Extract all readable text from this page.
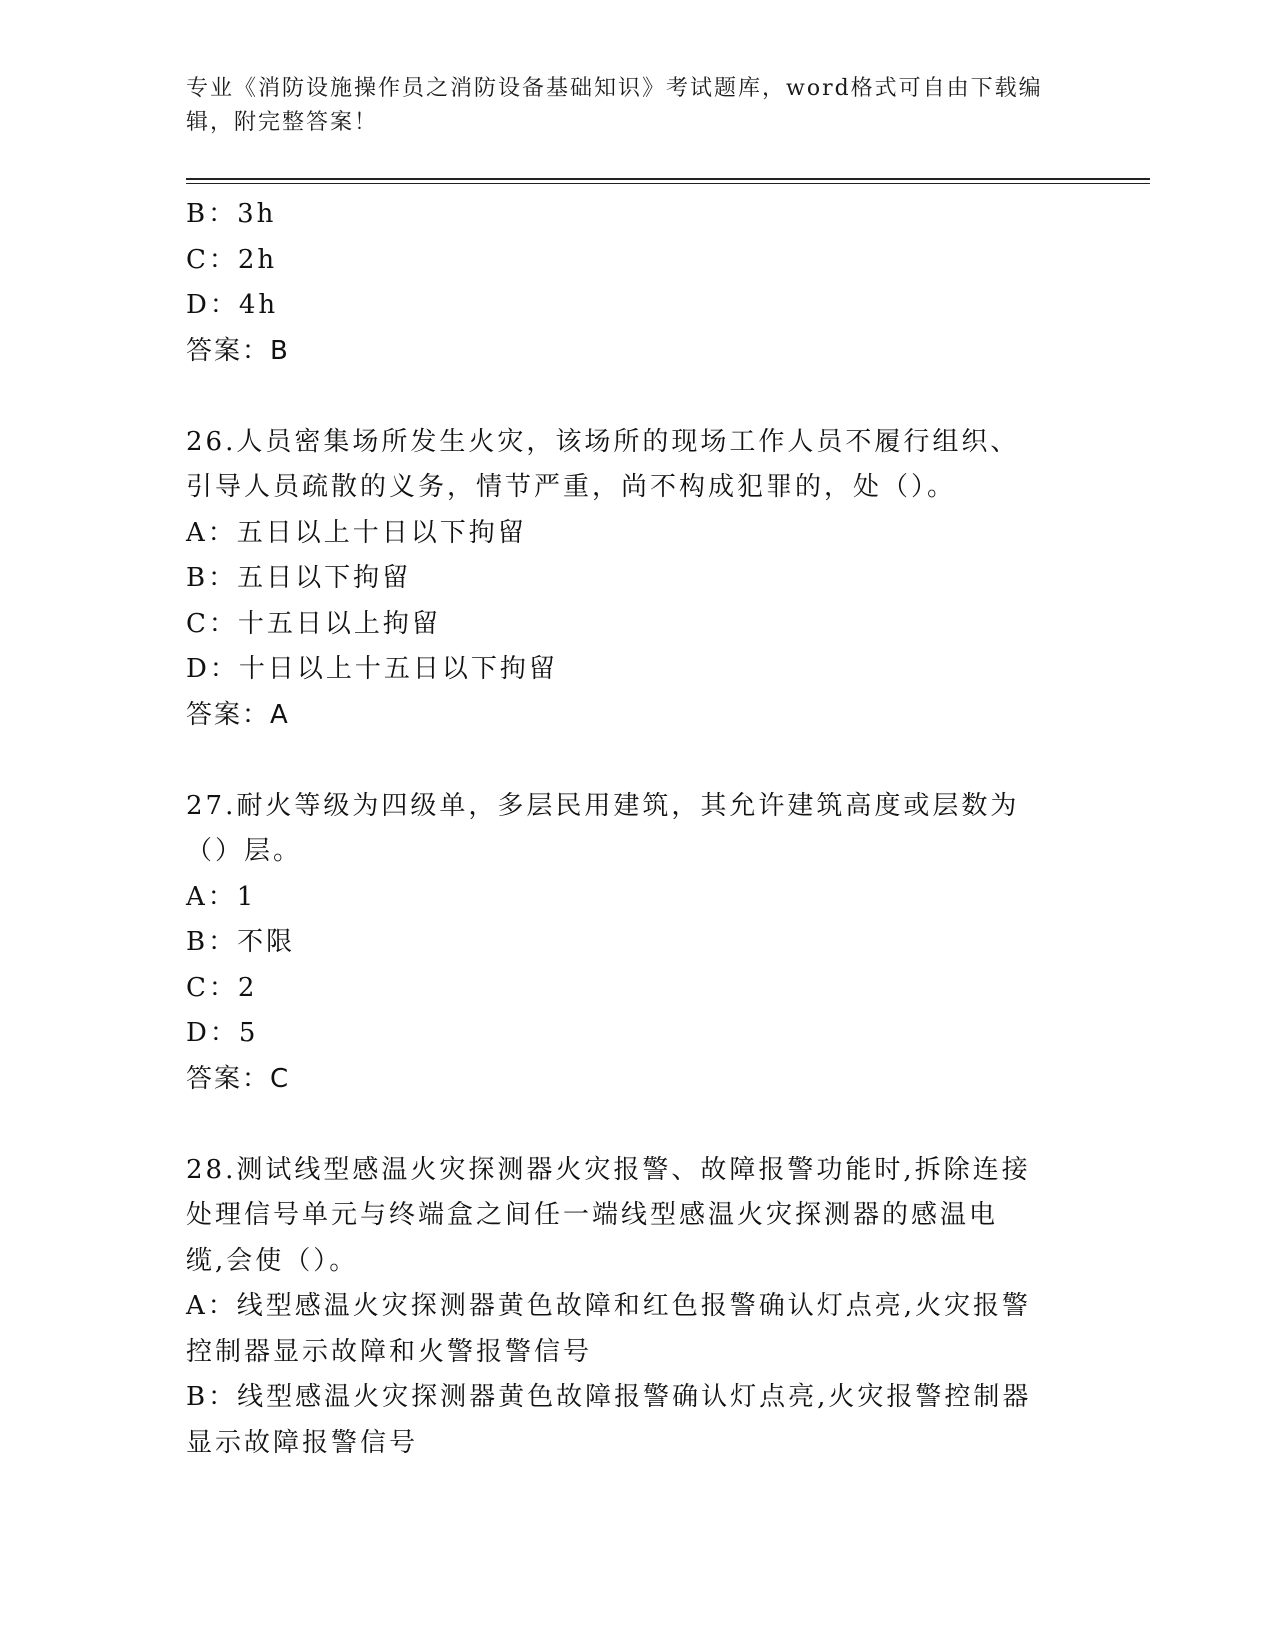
专业《消防设施操作员之消防设备基础知识》考试题库，word格式可自由下载编辑，附完整答案！
B：3h
C：2h
D：4h
答案：B
26.人员密集场所发生火灾，该场所的现场工作人员不履行组织、引导人员疏散的义务，情节严重，尚不构成犯罪的，处（）。
A：五日以上十日以下拘留
B：五日以下拘留
C：十五日以上拘留
D：十日以上十五日以下拘留
答案：A
27.耐火等级为四级单，多层民用建筑，其允许建筑高度或层数为（）层。
A：1
B：不限
C：2
D：5
答案：C
28.测试线型感温火灾探测器火灾报警、故障报警功能时,拆除连接处理信号单元与终端盒之间任一端线型感温火灾探测器的感温电缆,会使（）。
A：线型感温火灾探测器黄色故障和红色报警确认灯点亮,火灾报警控制器显示故障和火警报警信号
B：线型感温火灾探测器黄色故障报警确认灯点亮,火灾报警控制器显示故障报警信号
